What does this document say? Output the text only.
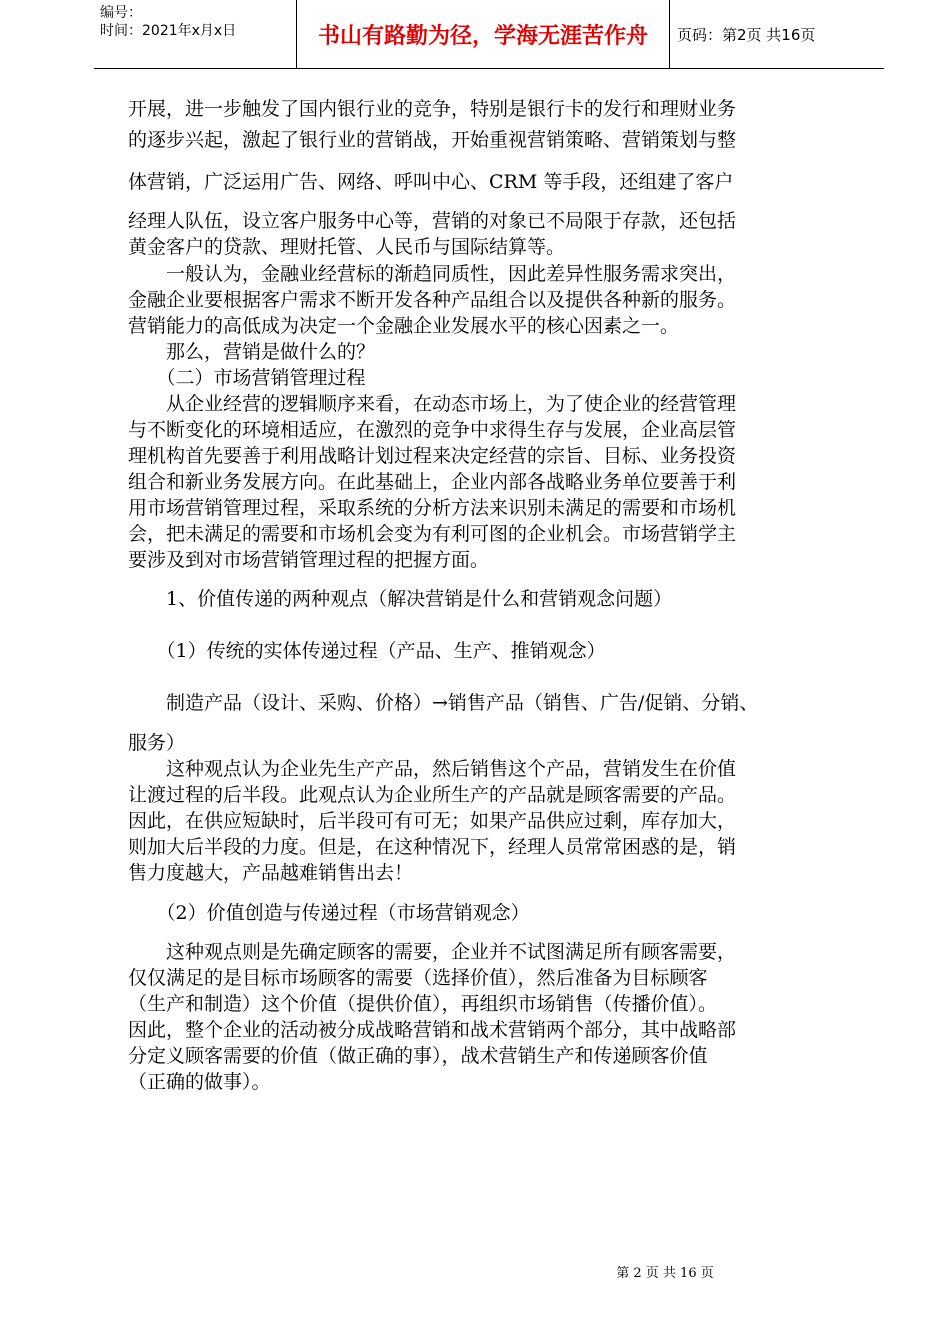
编号：
时间：2021年x月x日	书山有路勤为径，学海无涯苦作舟	页码：第2页 共16页
开展，进一步触发了国内银行业的竞争，特别是银行卡的发行和理财业务
的逐步兴起，激起了银行业的营销战，开始重视营销策略、营销策划与整
体营销，广泛运用广告、网络、呼叫中心、CRM 等手段，还组建了客户
经理人队伍，设立客户服务中心等，营销的对象已不局限于存款，还包括
黄金客户的贷款、理财托管、人民币与国际结算等。
　　一般认为，金融业经营标的渐趋同质性，因此差异性服务需求突出，
金融企业要根据客户需求不断开发各种产品组合以及提供各种新的服务。
营销能力的高低成为决定一个金融企业发展水平的核心因素之一。
　　那么，营销是做什么的？
　　（二）市场营销管理过程
　　从企业经营的逻辑顺序来看，在动态市场上，为了使企业的经营管理
与不断变化的环境相适应，在激烈的竞争中求得生存与发展，企业高层管
理机构首先要善于利用战略计划过程来决定经营的宗旨、目标、业务投资
组合和新业务发展方向。在此基础上，企业内部各战略业务单位要善于利
用市场营销管理过程，采取系统的分析方法来识别未满足的需要和市场机
会，把未满足的需要和市场机会变为有利可图的企业机会。市场营销学主
要涉及到对市场营销管理过程的把握方面。
　　1、价值传递的两种观点（解决营销是什么和营销观念问题）
　　（1）传统的实体传递过程（产品、生产、推销观念）
　　制造产品（设计、采购、价格）→销售产品（销售、广告/促销、分销、
服务）
　　这种观点认为企业先生产产品，然后销售这个产品，营销发生在价值
让渡过程的后半段。此观点认为企业所生产的产品就是顾客需要的产品。
因此，在供应短缺时，后半段可有可无；如果产品供应过剩，库存加大，
则加大后半段的力度。但是，在这种情况下，经理人员常常困惑的是，销
售力度越大，产品越难销售出去！
　　（2）价值创造与传递过程（市场营销观念）
　　这种观点则是先确定顾客的需要，企业并不试图满足所有顾客需要，
仅仅满足的是目标市场顾客的需要（选择价值），然后准备为目标顾客
（生产和制造）这个价值（提供价值），再组织市场销售（传播价值）。
因此，整个企业的活动被分成战略营销和战术营销两个部分，其中战略部
分定义顾客需要的价值（做正确的事），战术营销生产和传递顾客价值
（正确的做事）。
第 2 页 共 16 页
